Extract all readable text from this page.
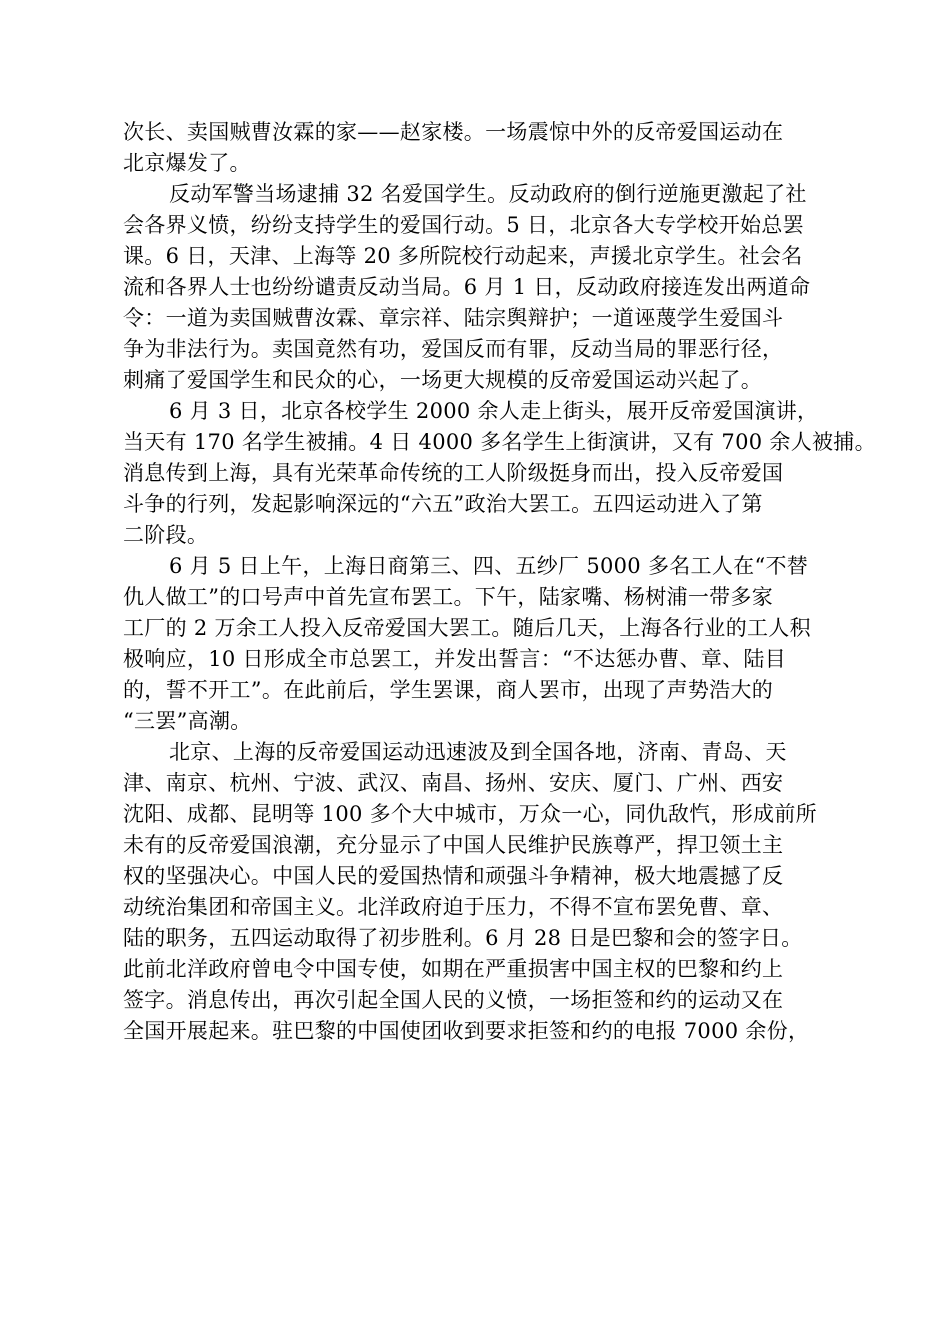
次长、卖国贼曹汝霖的家——赵家楼。一场震惊中外的反帝爱国运动在
北京爆发了。

反动军警当场逮捕 32 名爱国学生。反动政府的倒行逆施更激起了社
会各界义愤，纷纷支持学生的爱国行动。5 日，北京各大专学校开始总罢
课。6 日，天津、上海等 20 多所院校行动起来，声援北京学生。社会名
流和各界人士也纷纷谴责反动当局。6 月 1 日，反动政府接连发出两道命
令：一道为卖国贼曹汝霖、章宗祥、陆宗舆辩护；一道诬蔑学生爱国斗
争为非法行为。卖国竟然有功，爱国反而有罪，反动当局的罪恶行径，
刺痛了爱国学生和民众的心，一场更大规模的反帝爱国运动兴起了。

6 月 3 日，北京各校学生 2000 余人走上街头，展开反帝爱国演讲，
当天有 170 名学生被捕。4 日 4000 多名学生上街演讲，又有 700 余人被捕。
消息传到上海，具有光荣革命传统的工人阶级挺身而出，投入反帝爱国
斗争的行列，发起影响深远的“六五”政治大罢工。五四运动进入了第
二阶段。

6 月 5 日上午，上海日商第三、四、五纱厂 5000 多名工人在“不替
仇人做工”的口号声中首先宣布罢工。下午，陆家嘴、杨树浦一带多家
工厂的 2 万余工人投入反帝爱国大罢工。随后几天，上海各行业的工人积
极响应，10 日形成全市总罢工，并发出誓言：“不达惩办曹、章、陆目
的，誓不开工”。在此前后，学生罢课，商人罢市，出现了声势浩大的
“三罢”高潮。

北京、上海的反帝爱国运动迅速波及到全国各地，济南、青岛、天
津、南京、杭州、宁波、武汉、南昌、扬州、安庆、厦门、广州、西安
沈阳、成都、昆明等 100 多个大中城市，万众一心，同仇敌忾，形成前所
未有的反帝爱国浪潮，充分显示了中国人民维护民族尊严，捍卫领土主
权的坚强决心。中国人民的爱国热情和顽强斗争精神，极大地震撼了反
动统治集团和帝国主义。北洋政府迫于压力，不得不宣布罢免曹、章、
陆的职务，五四运动取得了初步胜利。6 月 28 日是巴黎和会的签字日。
此前北洋政府曾电令中国专使，如期在严重损害中国主权的巴黎和约上
签字。消息传出，再次引起全国人民的义愤，一场拒签和约的运动又在
全国开展起来。驻巴黎的中国使团收到要求拒签和约的电报 7000 余份，
